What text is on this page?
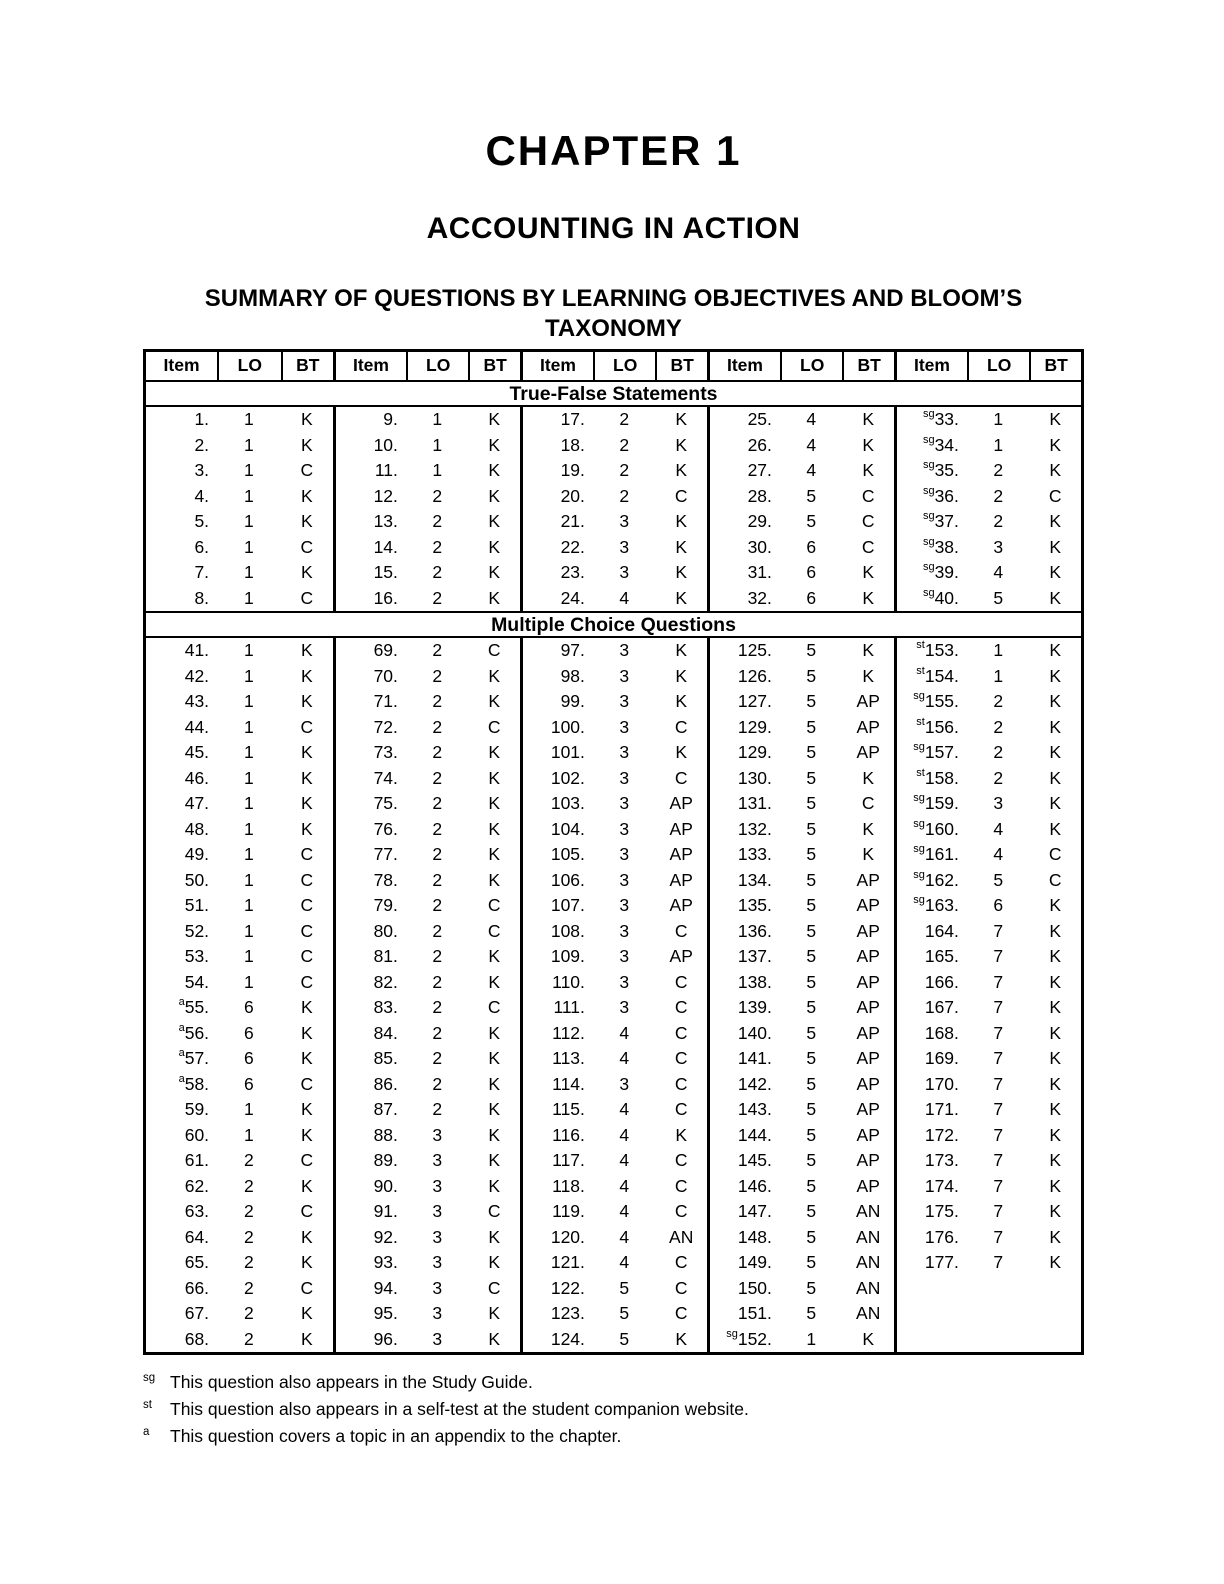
CHAPTER 1
ACCOUNTING IN ACTION
SUMMARY OF QUESTIONS BY LEARNING OBJECTIVES AND BLOOM’S
TAXONOMY
Item	LO	BT	Item	LO	BT	Item	LO	BT	Item	LO	BT	Item	LO	BT
True-False Statements
1.	1	K	9.	1	K	17.	2	K	25.	4	K	$^{sg}$33.	1	K
2.	1	K	10.	1	K	18.	2	K	26.	4	K	$^{sg}$34.	1	K
3.	1	C	11.	1	K	19.	2	K	27.	4	K	$^{sg}$35.	2	K
4.	1	K	12.	2	K	20.	2	C	28.	5	C	$^{sg}$36.	2	C
5.	1	K	13.	2	K	21.	3	K	29.	5	C	$^{sg}$37.	2	K
6.	1	C	14.	2	K	22.	3	K	30.	6	C	$^{sg}$38.	3	K
7.	1	K	15.	2	K	23.	3	K	31.	6	K	$^{sg}$39.	4	K
8.	1	C	16.	2	K	24.	4	K	32.	6	K	$^{sg}$40.	5	K
Multiple Choice Questions
41.	1	K	69.	2	C	97.	3	K	125.	5	K	$^{st}$153.	1	K
42.	1	K	70.	2	K	98.	3	K	126.	5	K	$^{st}$154.	1	K
43.	1	K	71.	2	K	99.	3	K	127.	5	AP	$^{sg}$155.	2	K
44.	1	C	72.	2	C	100.	3	C	129.	5	AP	$^{st}$156.	2	K
45.	1	K	73.	2	K	101.	3	K	129.	5	AP	$^{sg}$157.	2	K
46.	1	K	74.	2	K	102.	3	C	130.	5	K	$^{st}$158.	2	K
47.	1	K	75.	2	K	103.	3	AP	131.	5	C	$^{sg}$159.	3	K
48.	1	K	76.	2	K	104.	3	AP	132.	5	K	$^{sg}$160.	4	K
49.	1	C	77.	2	K	105.	3	AP	133.	5	K	$^{sg}$161.	4	C
50.	1	C	78.	2	K	106.	3	AP	134.	5	AP	$^{sg}$162.	5	C
51.	1	C	79.	2	C	107.	3	AP	135.	5	AP	$^{sg}$163.	6	K
52.	1	C	80.	2	C	108.	3	C	136.	5	AP	164.	7	K
53.	1	C	81.	2	K	109.	3	AP	137.	5	AP	165.	7	K
54.	1	C	82.	2	K	110.	3	C	138.	5	AP	166.	7	K
$^a$55.	6	K	83.	2	C	111.	3	C	139.	5	AP	167.	7	K
$^a$56.	6	K	84.	2	K	112.	4	C	140.	5	AP	168.	7	K
$^a$57.	6	K	85.	2	K	113.	4	C	141.	5	AP	169.	7	K
$^a$58.	6	C	86.	2	K	114.	3	C	142.	5	AP	170.	7	K
59.	1	K	87.	2	K	115.	4	C	143.	5	AP	171.	7	K
60.	1	K	88.	3	K	116.	4	K	144.	5	AP	172.	7	K
61.	2	C	89.	3	K	117.	4	C	145.	5	AP	173.	7	K
62.	2	K	90.	3	K	118.	4	C	146.	5	AP	174.	7	K
63.	2	C	91.	3	C	119.	4	C	147.	5	AN	175.	7	K
64.	2	K	92.	3	K	120.	4	AN	148.	5	AN	176.	7	K
65.	2	K	93.	3	K	121.	4	C	149.	5	AN	177.	7	K
66.	2	C	94.	3	C	122.	5	C	150.	5	AN
67.	2	K	95.	3	K	123.	5	C	151.	5	AN
68.	2	K	96.	3	K	124.	5	K	$^{sg}$152.	1	K
sg This question also appears in the Study Guide.
st This question also appears in a self-test at the student companion website.
a This question covers a topic in an appendix to the chapter.
